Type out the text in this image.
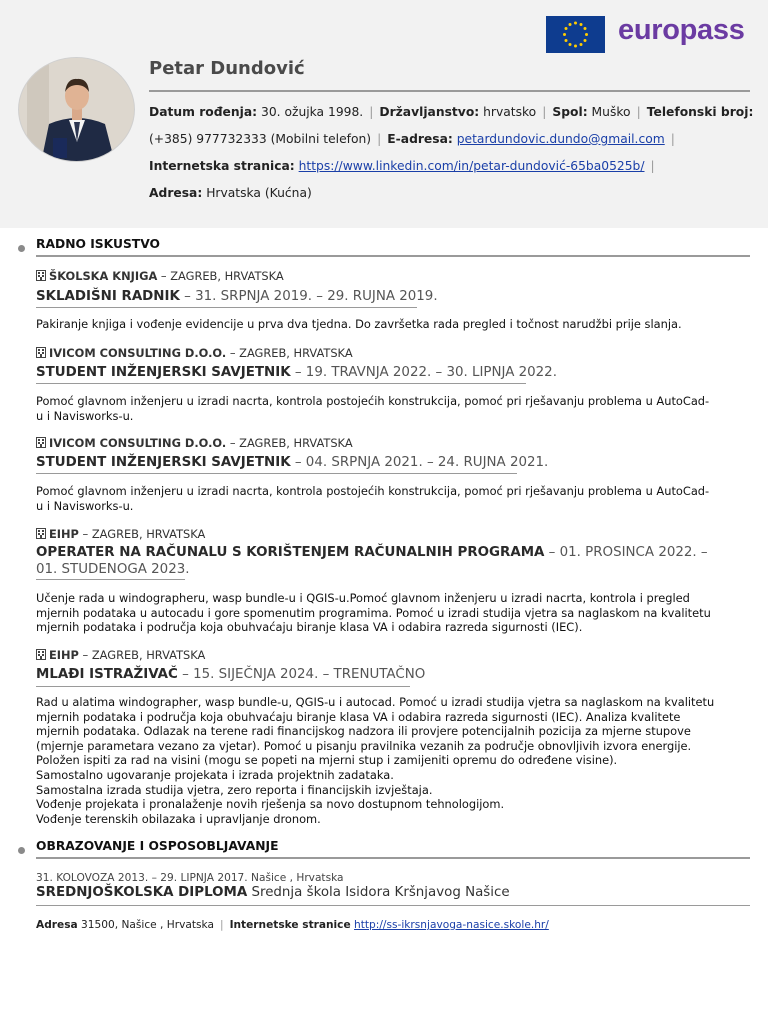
europass
Petar Dundović
Datum rođenja: 30. ožujka 1998. | Državljanstvo: hrvatsko | Spol: Muško | Telefonski broj:
(+385) 977732333 (Mobilni telefon) | E-adresa: petardundovic.dundo@gmail.com |
Internetska stranica: https://www.linkedin.com/in/petar-dundović-65ba0525b/ |
Adresa: Hrvatska (Kućna)
RADNO ISKUSTVO
ŠKOLSKA KNJIGA – ZAGREB, HRVATSKA
SKLADIŠNI RADNIK – 31. SRPNJA 2019. – 29. RUJNA 2019.
Pakiranje knjiga i vođenje evidencije u prva dva tjedna. Do završetka rada pregled i točnost narudžbi prije slanja.
IVICOM CONSULTING D.O.O. – ZAGREB, HRVATSKA
STUDENT INŽENJERSKI SAVJETNIK – 19. TRAVNJA 2022. – 30. LIPNJA 2022.
Pomoć glavnom inženjeru u izradi nacrta, kontrola postojećih konstrukcija, pomoć pri rješavanju problema u AutoCad-
u i Navisworks-u.
IVICOM CONSULTING D.O.O. – ZAGREB, HRVATSKA
STUDENT INŽENJERSKI SAVJETNIK – 04. SRPNJA 2021. – 24. RUJNA 2021.
Pomoć glavnom inženjeru u izradi nacrta, kontrola postojećih konstrukcija, pomoć pri rješavanju problema u AutoCad-
u i Navisworks-u.
EIHP – ZAGREB, HRVATSKA
OPERATER NA RAČUNALU S KORIŠTENJEM RAČUNALNIH PROGRAMA – 01. PROSINCA 2022. –
01. STUDENOGA 2023.
Učenje rada u windographeru, wasp bundle-u i QGIS-u.Pomoć glavnom inženjeru u izradi nacrta, kontrola i pregled
mjernih podataka u autocadu i gore spomenutim programima. Pomoć u izradi studija vjetra sa naglaskom na kvalitetu
mjernih podataka i područja koja obuhvaćaju biranje klasa VA i odabira razreda sigurnosti (IEC).
EIHP – ZAGREB, HRVATSKA
MLAĐI ISTRAŽIVAČ – 15. SIJEČNJA 2024. – TRENUTAČNO
Rad u alatima windographer, wasp bundle-u, QGIS-u i autocad. Pomoć u izradi studija vjetra sa naglaskom na kvalitetu
mjernih podataka i područja koja obuhvaćaju biranje klasa VA i odabira razreda sigurnosti (IEC). Analiza kvalitete
mjernih podataka. Odlazak na terene radi financijskog nadzora ili provjere potencijalnih pozicija za mjerne stupove
(mjernje parametara vezano za vjetar). Pomoć u pisanju pravilnika vezanih za područje obnovljivih izvora energije.
Položen ispiti za rad na visini (mogu se popeti na mjerni stup i zamijeniti opremu do određene visine).
Samostalno ugovaranje projekata i izrada projektnih zadataka.
Samostalna izrada studija vjetra, zero reporta i financijskih izvještaja.
Vođenje projekata i pronalaženje novih rješenja sa novo dostupnom tehnologijom.
Vođenje terenskih obilazaka i upravljanje dronom.
OBRAZOVANJE I OSPOSOBLJAVANJE
31. KOLOVOZA 2013. – 29. LIPNJA 2017. Našice , Hrvatska
SREDNJOŠKOLSKA DIPLOMA Srednja škola Isidora Kršnjavog Našice
Adresa 31500, Našice , Hrvatska | Internetske stranice http://ss-ikrsnjavoga-nasice.skole.hr/
